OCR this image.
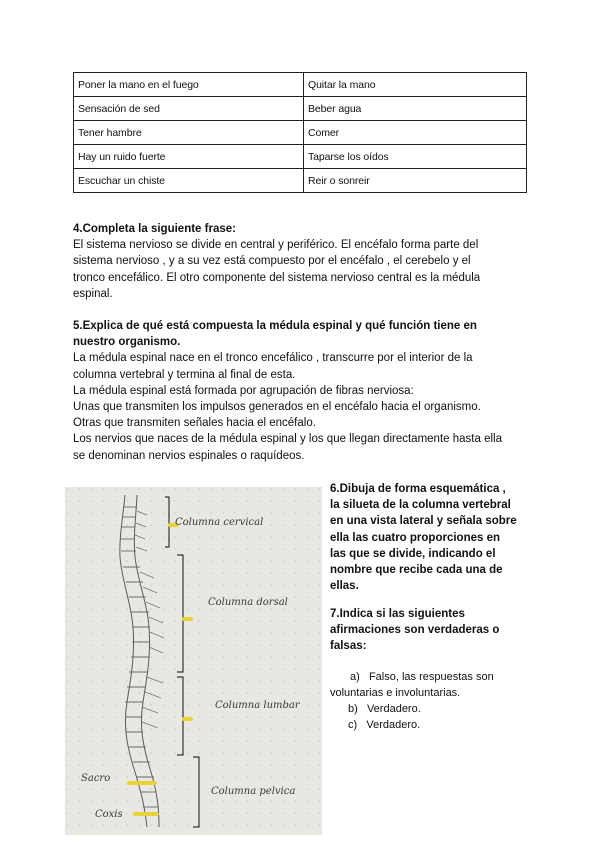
Poner la mano en el fuego	Quitar la mano
Sensación de sed	Beber agua
Tener hambre	Comer
Hay un ruido fuerte	Taparse los oídos
Escuchar un chiste	Reir o sonreir

4.Completa la siguiente frase:

El sistema nervioso se divide en central y periférico. El encéfalo forma parte del

sistema nervioso , y a su vez está compuesto por el encéfalo , el cerebelo y el

tronco encefálico. El otro componente del sistema nervioso central es la médula

espinal.

5.Explica de qué está compuesta la médula espinal y qué función tiene en

nuestro organismo.

La médula espinal nace en el tronco encefálico , transcurre por el interior de la

columna vertebral y termina al final de esta.

La médula espinal está formada por agrupación de fibras nerviosa:

Unas que transmiten los impulsos generados en el encéfalo hacia el organismo.

Otras que transmiten señales hacia el encéfalo.

Los nervios que naces de la médula espinal y los que llegan directamente hasta ella

se denominan nervios espinales o raquídeos.

Columna cervical
Columna dorsal
Columna lumbar
Columna pelvica
Sacro
Coxis

6.Dibuja de forma esquemática ,

la silueta de la columna vertebral

en una vista lateral y señala sobre

ella las cuatro proporciones en

las que se divide, indicando el

nombre que recibe cada una de

ellas.

7.Indica si las siguientes

afirmaciones son verdaderas o

falsas:

a) Falso, las respuestas son
voluntarias e involuntarias.
b) Verdadero.
c) Verdadero.
